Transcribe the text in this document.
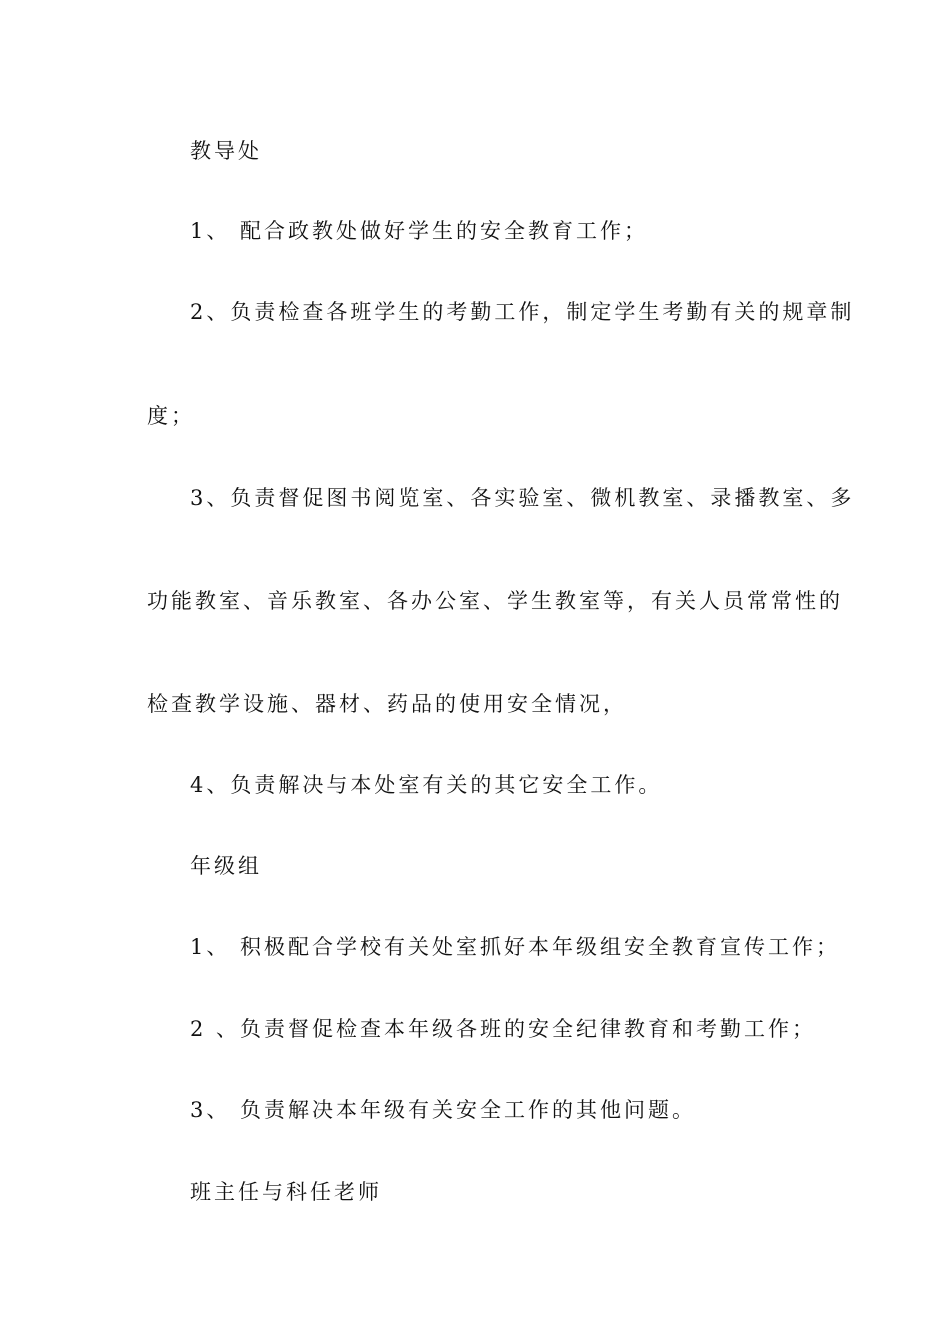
教导处
1、 配合政教处做好学生的安全教育工作；
2、负责检查各班学生的考勤工作，制定学生考勤有关的规章制
度；
3、负责督促图书阅览室、各实验室、微机教室、录播教室、多
功能教室、音乐教室、各办公室、学生教室等，有关人员常常性的
检查教学设施、器材、药品的使用安全情况，
4、负责解决与本处室有关的其它安全工作。
年级组
1、 积极配合学校有关处室抓好本年级组安全教育宣传工作；
2 、负责督促检查本年级各班的安全纪律教育和考勤工作；
3、 负责解决本年级有关安全工作的其他问题。
班主任与科任老师
